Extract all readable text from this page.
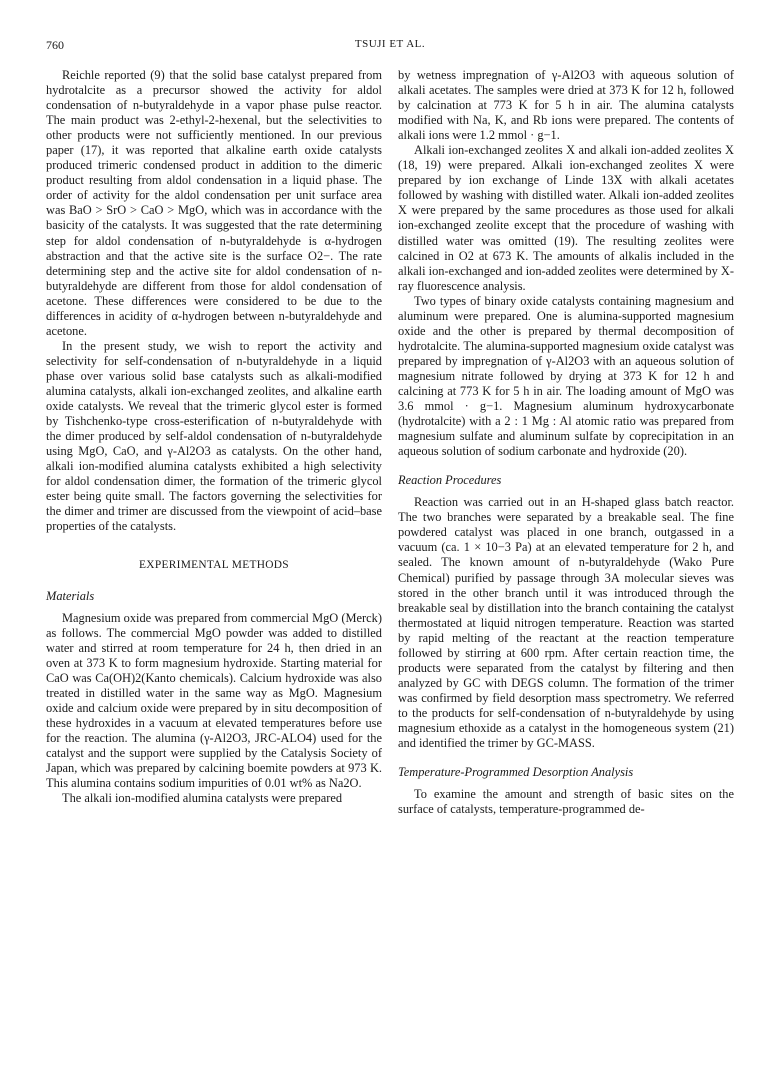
760	TSUJI ET AL.

Reichle reported (9) that the solid base catalyst prepared from hydrotalcite as a precursor showed the activity for aldol condensation of n-butyraldehyde in a vapor phase pulse reactor. The main product was 2-ethyl-2-hexenal, but the selectivities to other products were not sufficiently mentioned. In our previous paper (17), it was reported that alkaline earth oxide catalysts produced trimeric condensed product in addition to the dimeric product resulting from aldol condensation in a liquid phase. The order of activity for the aldol condensation per unit surface area was BaO > SrO > CaO > MgO, which was in accordance with the basicity of the catalysts. It was suggested that the rate determining step for aldol condensation of n-butyraldehyde is α-hydrogen abstraction and that the active site is the surface O2−. The rate determining step and the active site for aldol condensation of n-butyraldehyde are different from those for aldol condensation of acetone. These differences were considered to be due to the differences in acidity of α-hydrogen between n-butyraldehyde and acetone.

In the present study, we wish to report the activity and selectivity for self-condensation of n-butyraldehyde in a liquid phase over various solid base catalysts such as alkali-modified alumina catalysts, alkali ion-exchanged zeolites, and alkaline earth oxide catalysts. We reveal that the trimeric glycol ester is formed by Tishchenko-type cross-esterification of n-butyraldehyde with the dimer produced by self-aldol condensation of n-butyraldehyde using MgO, CaO, and γ-Al2O3 as catalysts. On the other hand, alkali ion-modified alumina catalysts exhibited a high selectivity for aldol condensation dimer, the formation of the trimeric glycol ester being quite small. The factors governing the selectivities for the dimer and trimer are discussed from the viewpoint of acid–base properties of the catalysts.

EXPERIMENTAL METHODS
Materials

Magnesium oxide was prepared from commercial MgO (Merck) as follows. The commercial MgO powder was added to distilled water and stirred at room temperature for 24 h, then dried in an oven at 373 K to form magnesium hydroxide. Starting material for CaO was Ca(OH)2(Kanto chemicals). Calcium hydroxide was also treated in distilled water in the same way as MgO. Magnesium oxide and calcium oxide were prepared by in situ decomposition of these hydroxides in a vacuum at elevated temperatures before use for the reaction. The alumina (γ-Al2O3, JRC-ALO4) used for the catalyst and the support were supplied by the Catalysis Society of Japan, which was prepared by calcining boemite powders at 973 K. This alumina contains sodium impurities of 0.01 wt% as Na2O.

The alkali ion-modified alumina catalysts were prepared

by wetness impregnation of γ-Al2O3 with aqueous solution of alkali acetates. The samples were dried at 373 K for 12 h, followed by calcination at 773 K for 5 h in air. The alumina catalysts modified with Na, K, and Rb ions were prepared. The contents of alkali ions were 1.2 mmol · g−1.

Alkali ion-exchanged zeolites X and alkali ion-added zeolites X (18, 19) were prepared. Alkali ion-exchanged zeolites X were prepared by ion exchange of Linde 13X with alkali acetates followed by washing with distilled water. Alkali ion-added zeolites X were prepared by the same procedures as those used for alkali ion-exchanged zeolite except that the procedure of washing with distilled water was omitted (19). The resulting zeolites were calcined in O2 at 673 K. The amounts of alkalis included in the alkali ion-exchanged and ion-added zeolites were determined by X-ray fluorescence analysis.

Two types of binary oxide catalysts containing magnesium and aluminum were prepared. One is alumina-supported magnesium oxide and the other is prepared by thermal decomposition of hydrotalcite. The alumina-supported magnesium oxide catalyst was prepared by impregnation of γ-Al2O3 with an aqueous solution of magnesium nitrate followed by drying at 373 K for 12 h and calcining at 773 K for 5 h in air. The loading amount of MgO was 3.6 mmol · g−1. Magnesium aluminum hydroxycarbonate (hydrotalcite) with a 2 : 1 Mg : Al atomic ratio was prepared from magnesium sulfate and aluminum sulfate by coprecipitation in an aqueous solution of sodium carbonate and hydroxide (20).

Reaction Procedures

Reaction was carried out in an H-shaped glass batch reactor. The two branches were separated by a breakable seal. The fine powdered catalyst was placed in one branch, outgassed in a vacuum (ca. 1 × 10−3 Pa) at an elevated temperature for 2 h, and sealed. The known amount of n-butyraldehyde (Wako Pure Chemical) purified by passage through 3A molecular sieves was stored in the other branch until it was introduced through the breakable seal by distillation into the branch containing the catalyst thermostated at liquid nitrogen temperature. Reaction was started by rapid melting of the reactant at the reaction temperature followed by stirring at 600 rpm. After certain reaction time, the products were separated from the catalyst by filtering and then analyzed by GC with DEGS column. The formation of the trimer was confirmed by field desorption mass spectrometry. We referred to the products for self-condensation of n-butyraldehyde by using magnesium ethoxide as a catalyst in the homogeneous system (21) and identified the trimer by GC-MASS.

Temperature-Programmed Desorption Analysis

To examine the amount and strength of basic sites on the surface of catalysts, temperature-programmed de-
